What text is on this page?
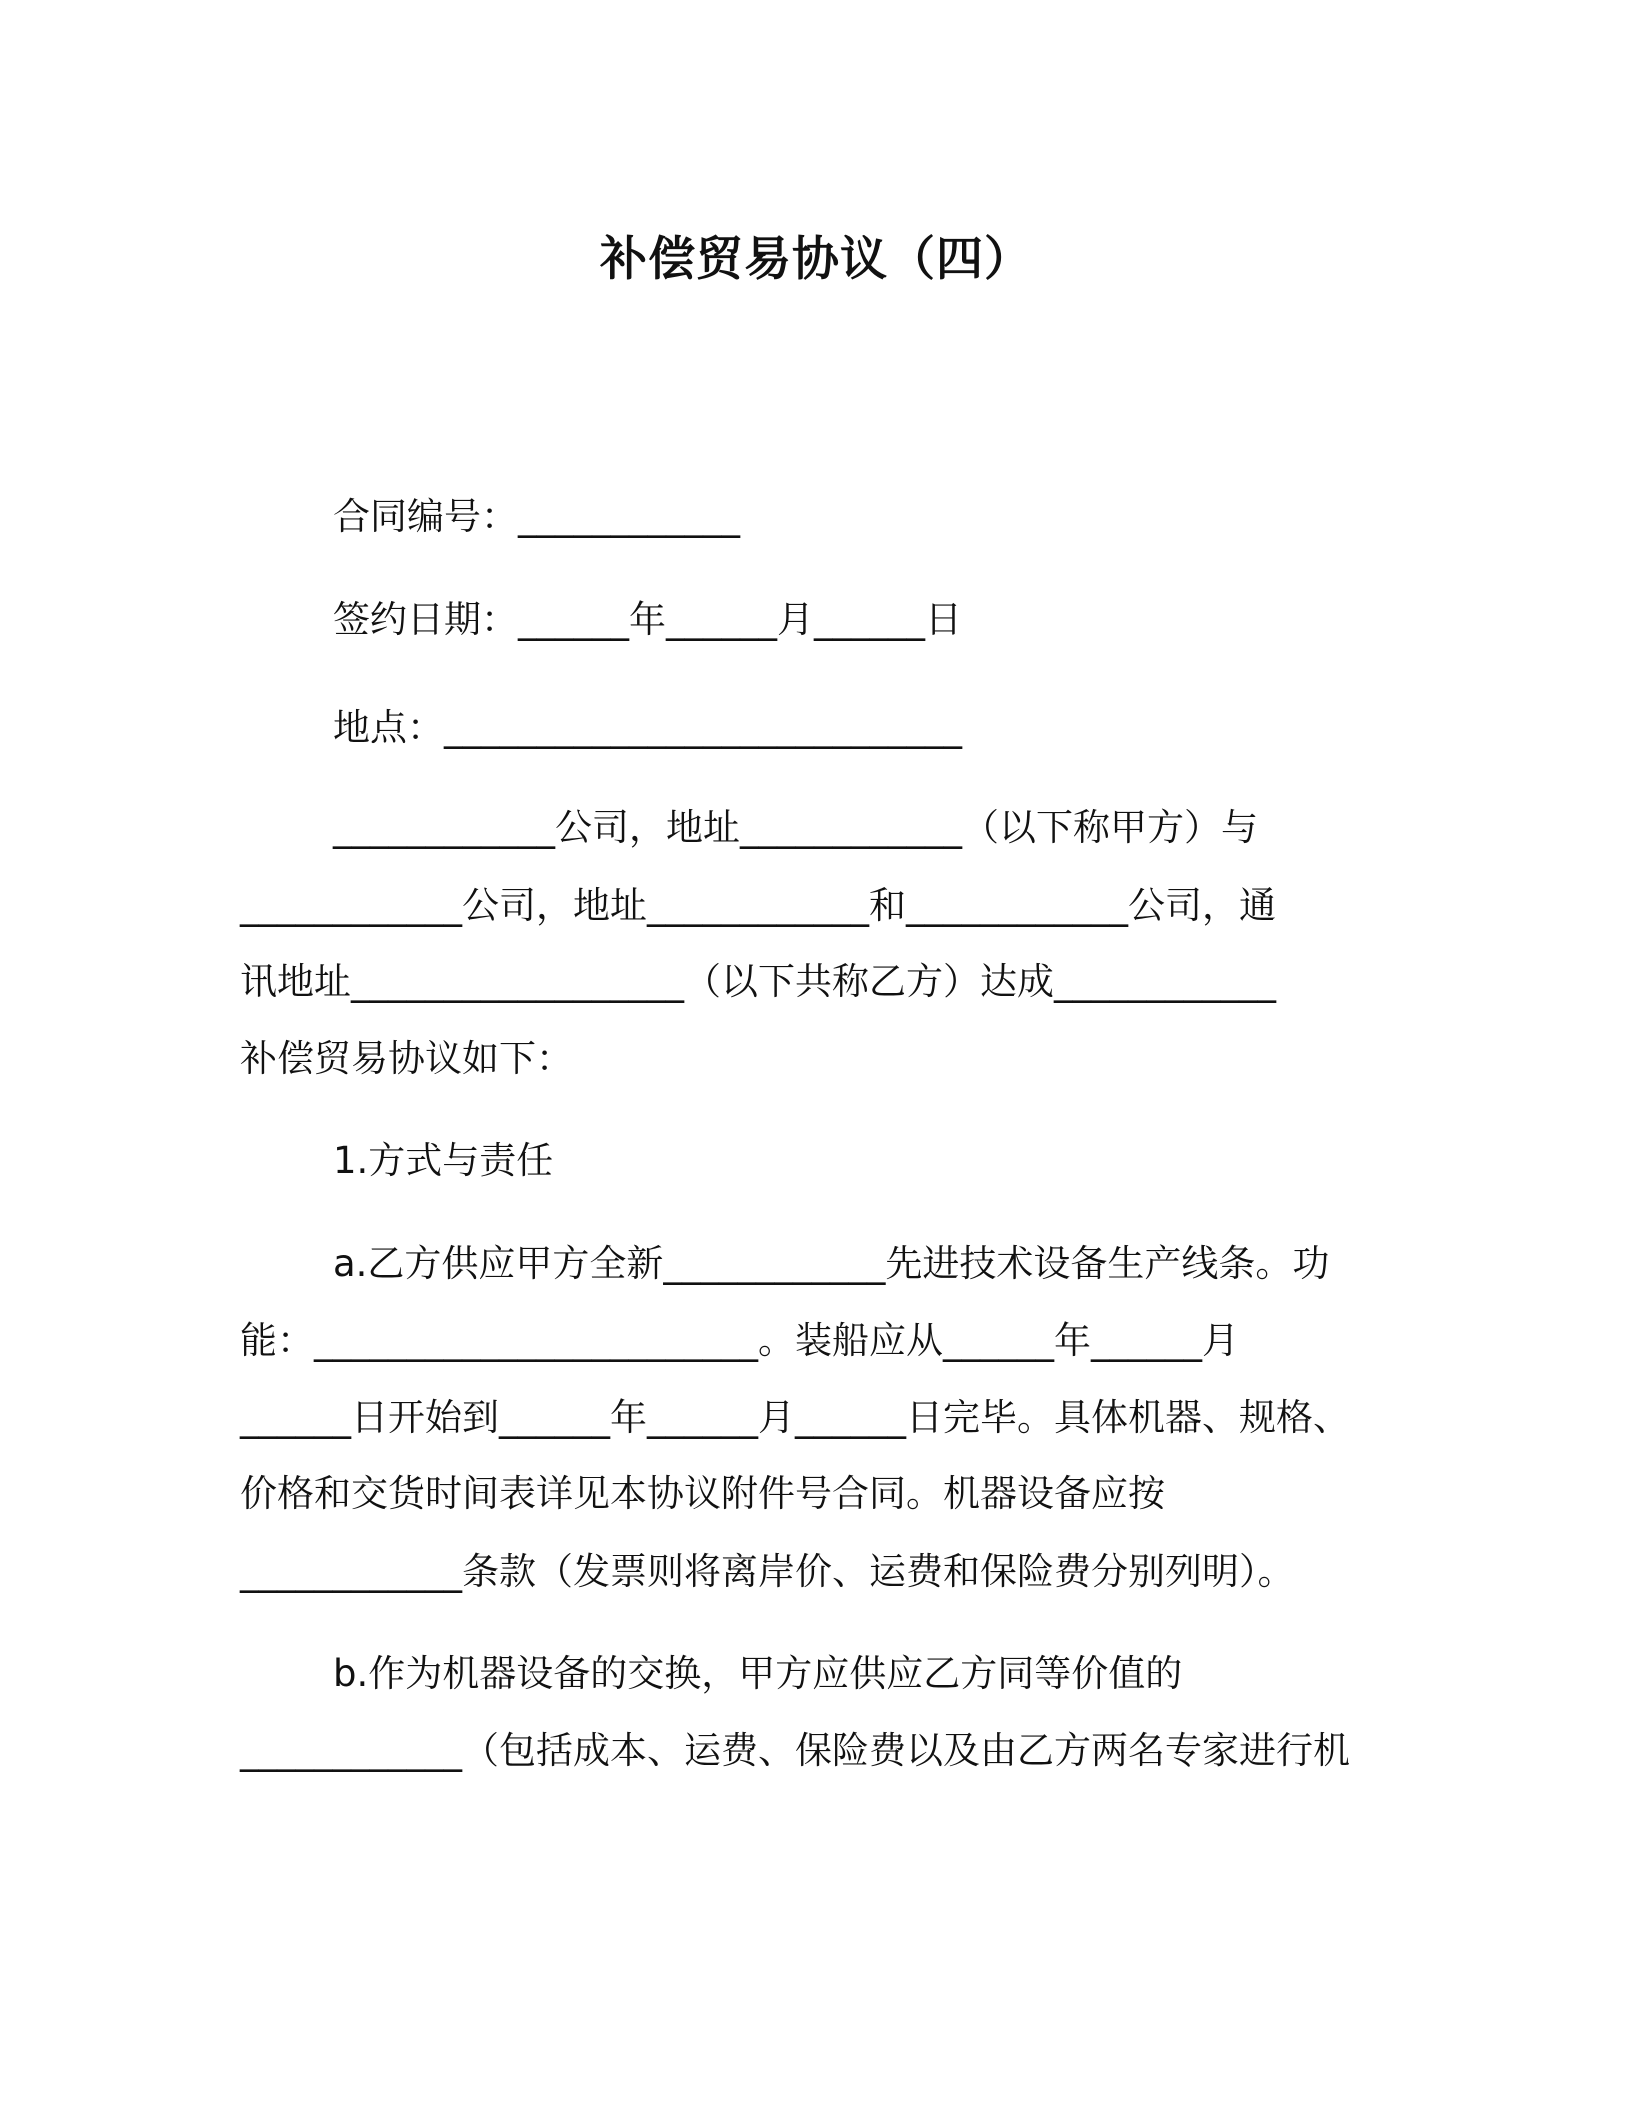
补偿贸易协议（四）
合同编号：____________
签约日期：______年______月______日
地点：____________________________
____________公司，地址____________（以下称甲方）与
____________公司，地址____________和____________公司，通
讯地址__________________（以下共称乙方）达成____________
补偿贸易协议如下：
1.方式与责任
a.乙方供应甲方全新____________先进技术设备生产线条。功
能：________________________。装船应从______年______月
______日开始到______年______月______日完毕。具体机器、规格、
价格和交货时间表详见本协议附件号合同。机器设备应按
____________条款（发票则将离岸价、运费和保险费分别列明）。
b.作为机器设备的交换，甲方应供应乙方同等价值的
____________（包括成本、运费、保险费以及由乙方两名专家进行机
